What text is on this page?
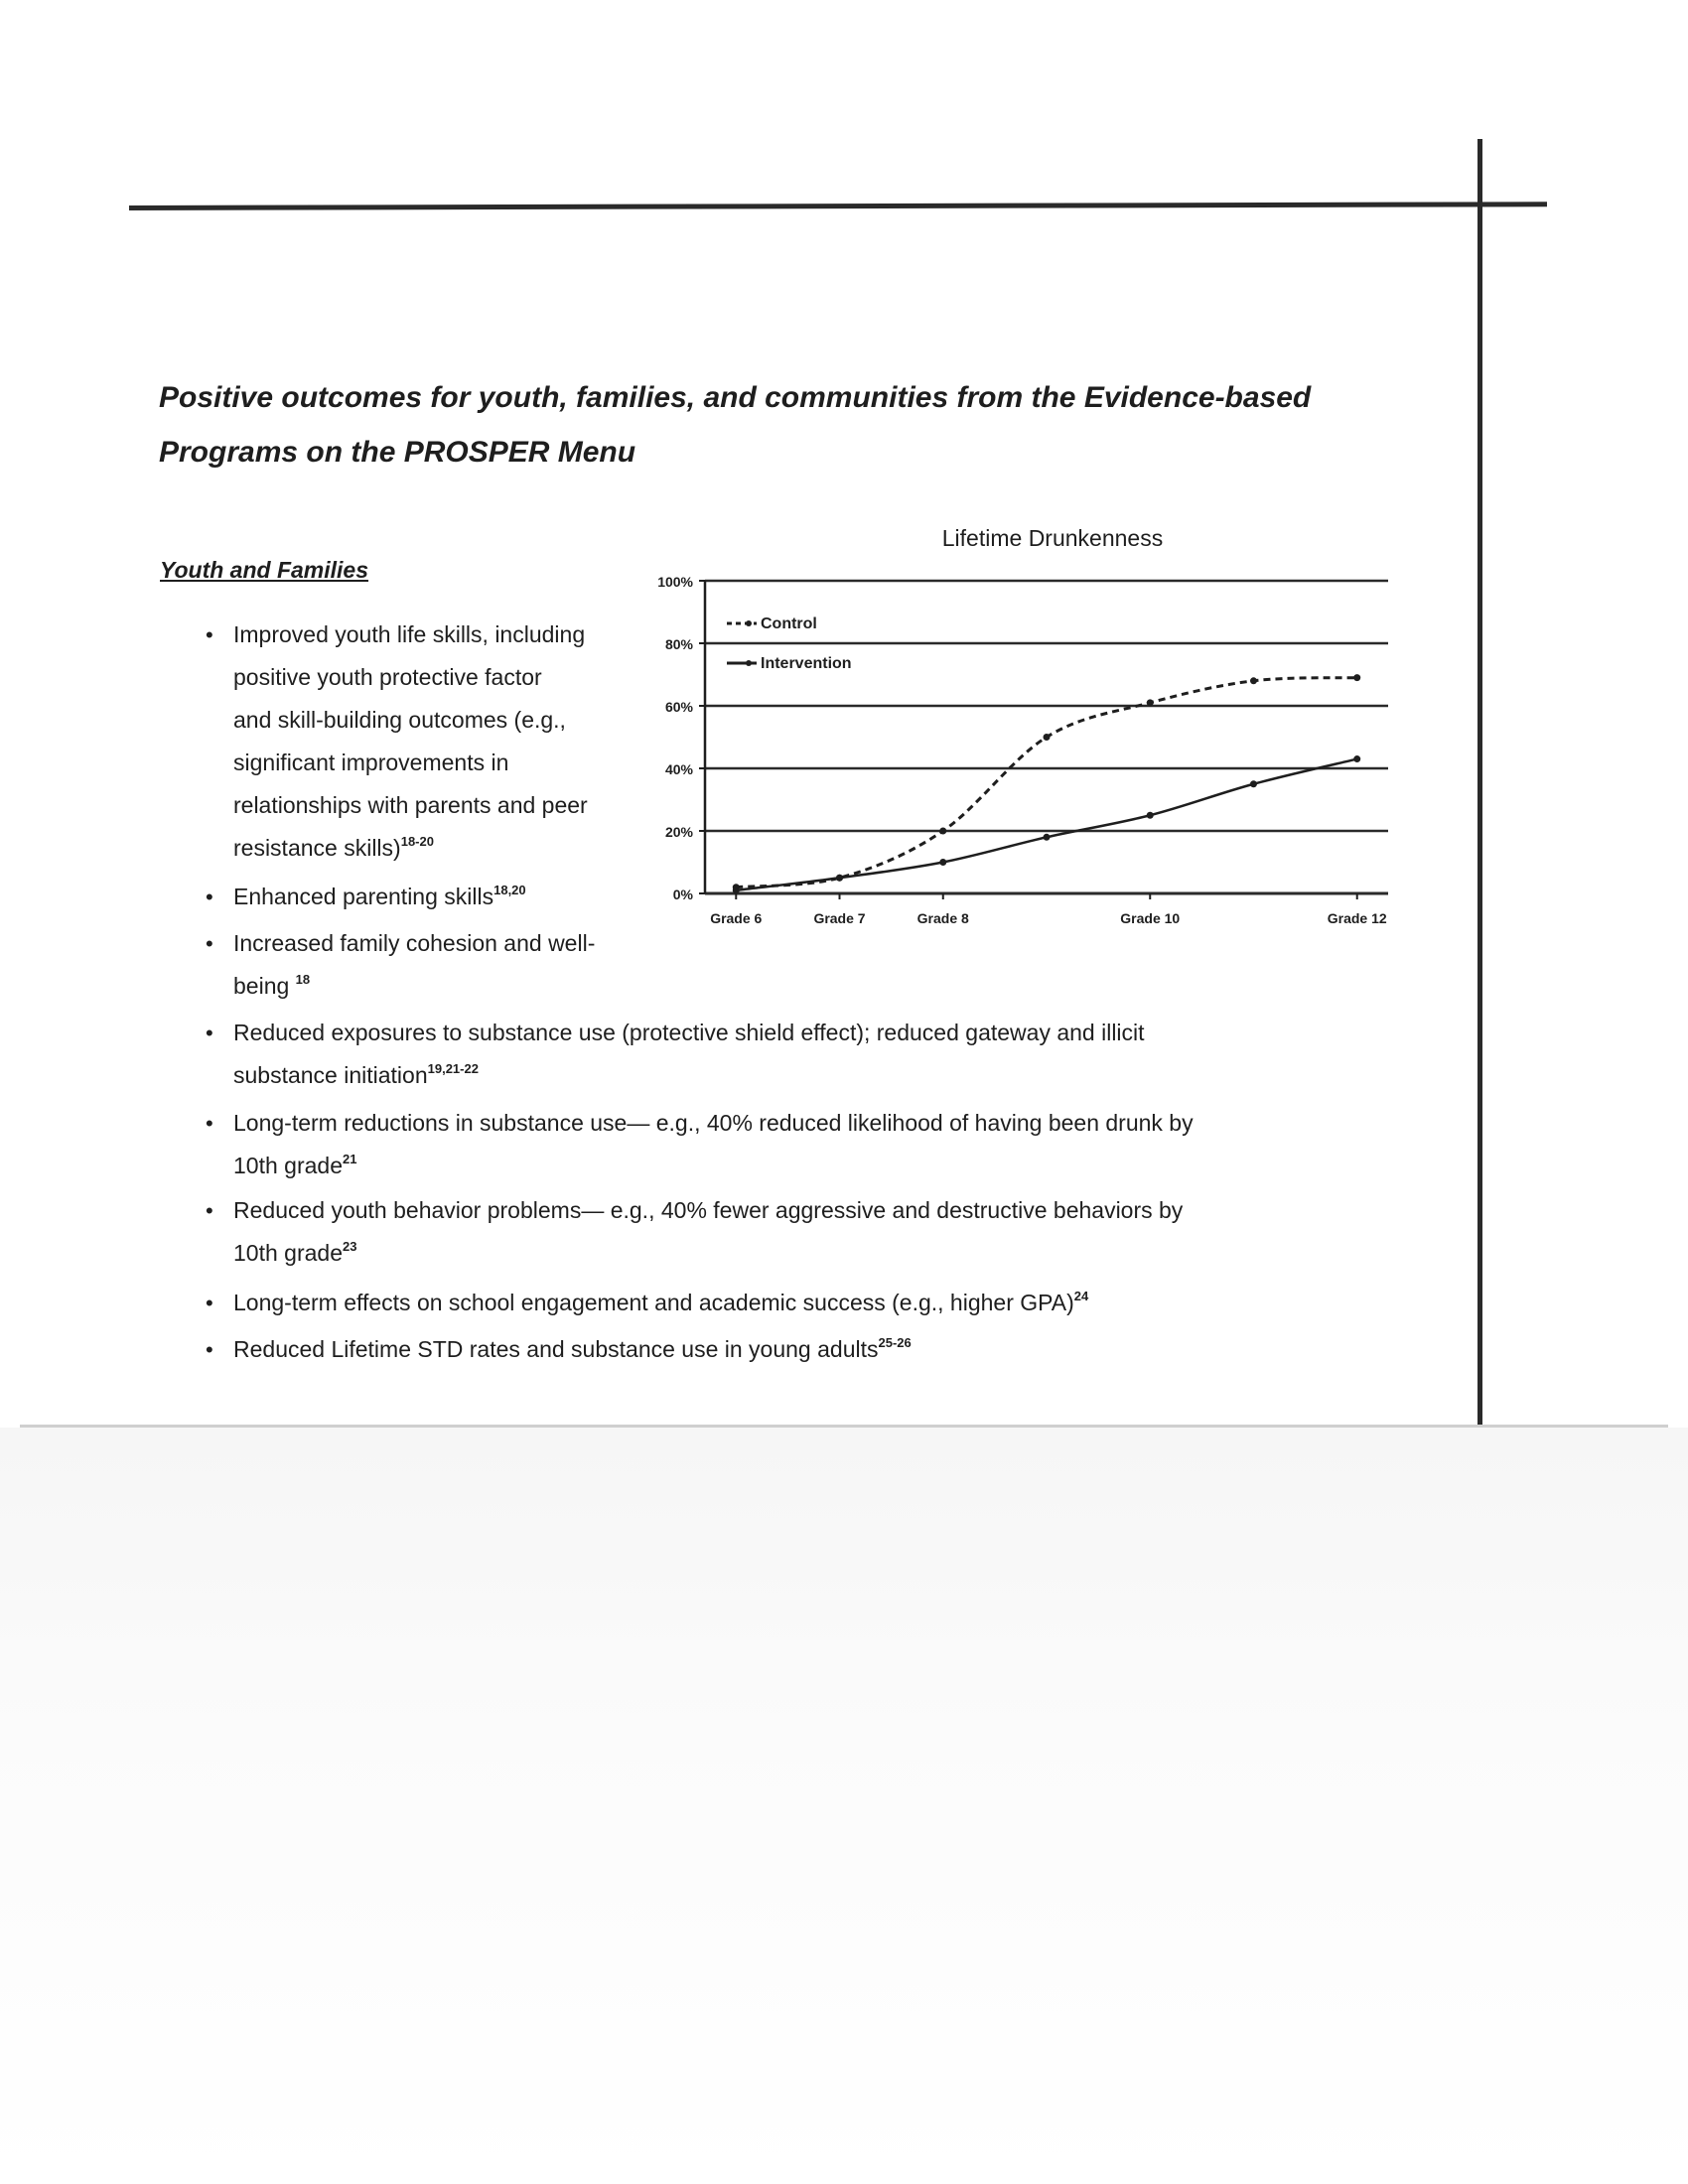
Positive outcomes for youth, families, and communities from the Evidence-based
Programs on the PROSPER Menu
Youth and Families
• Improved youth life skills, including
positive youth protective factor
and skill-building outcomes (e.g.,
significant improvements in
relationships with parents and peer
resistance skills)$^{18-20}$
• Enhanced parenting skills$^{18,20}$
• Increased family cohesion and well-
being $^{18}$
• Reduced exposures to substance use (protective shield effect); reduced gateway and illicit
substance initiation$^{19,21-22}$
• Long-term reductions in substance use— e.g., 40% reduced likelihood of having been drunk by
10th grade$^{21}$
• Reduced youth behavior problems— e.g., 40% fewer aggressive and destructive behaviors by
10th grade$^{23}$
• Long-term effects on school engagement and academic success (e.g., higher GPA)$^{24}$
• Reduced Lifetime STD rates and substance use in young adults$^{25-26}$
Lifetime Drunkenness
0%
20%
40%
60%
80%
100%
Grade 6	Grade 7	Grade 8	Grade 10	Grade 12
Control
Intervention
